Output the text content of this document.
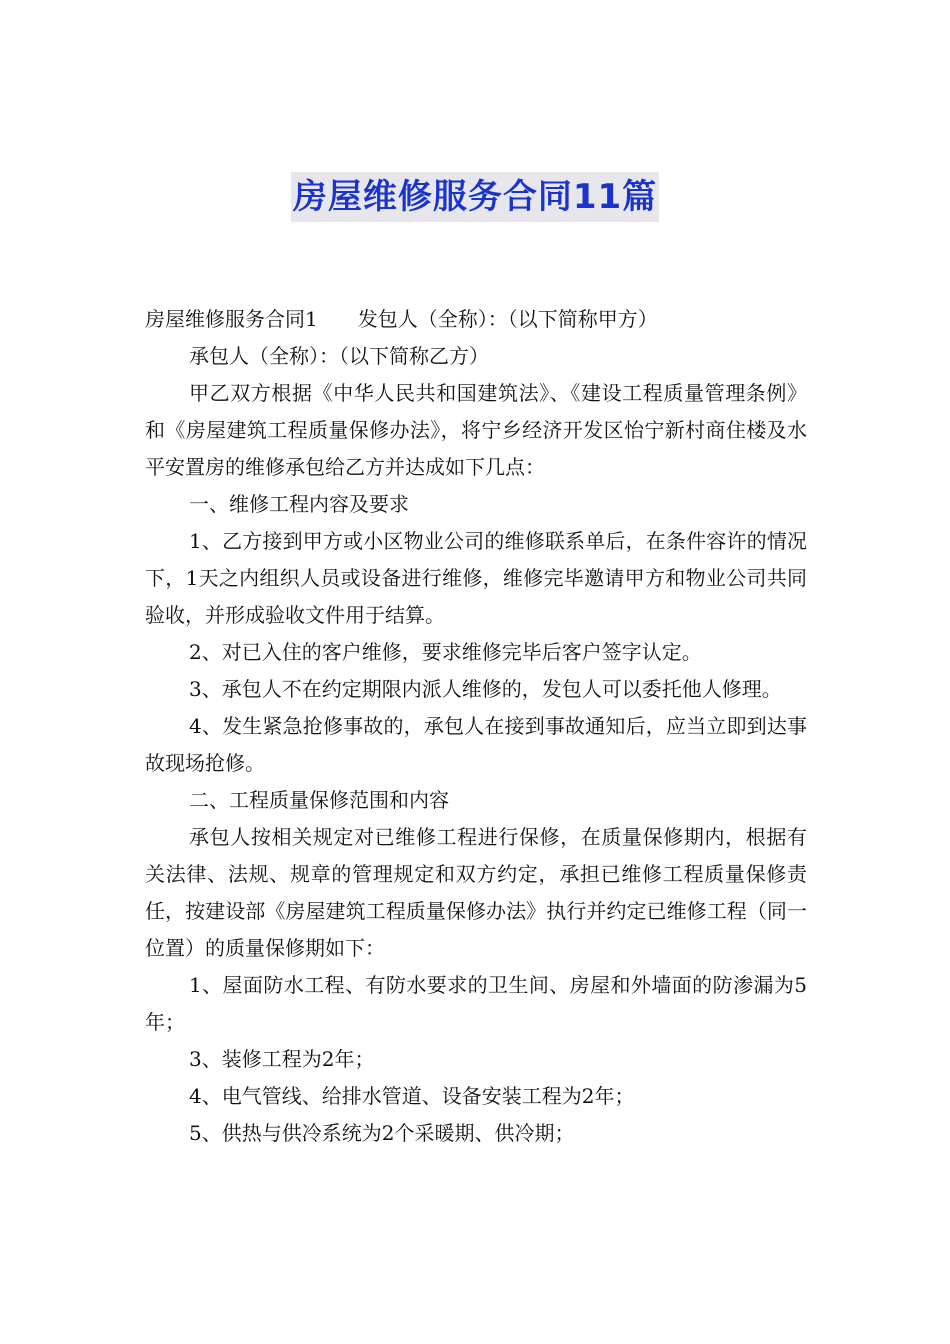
房屋维修服务合同11篇

房屋维修服务合同1 发包人（全称）：（以下简称甲方）

承包人（全称）：（以下简称乙方）

甲乙双方根据《中华人民共和国建筑法》、《建设工程质量管理条例》和《房屋建筑工程质量保修办法》，将宁乡经济开发区怡宁新村商住楼及水平安置房的维修承包给乙方并达成如下几点：

一、维修工程内容及要求

1、乙方接到甲方或小区物业公司的维修联系单后，在条件容许的情况下，1天之内组织人员或设备进行维修，维修完毕邀请甲方和物业公司共同验收，并形成验收文件用于结算。

2、对已入住的客户维修，要求维修完毕后客户签字认定。

3、承包人不在约定期限内派人维修的，发包人可以委托他人修理。

4、发生紧急抢修事故的，承包人在接到事故通知后，应当立即到达事故现场抢修。

二、工程质量保修范围和内容

承包人按相关规定对已维修工程进行保修，在质量保修期内，根据有关法律、法规、规章的管理规定和双方约定，承担已维修工程质量保修责任，按建设部《房屋建筑工程质量保修办法》执行并约定已维修工程（同一位置）的质量保修期如下：

1、屋面防水工程、有防水要求的卫生间、房屋和外墙面的防渗漏为5年；

3、装修工程为2年；

4、电气管线、给排水管道、设备安装工程为2年；

5、供热与供冷系统为2个采暖期、供冷期；
